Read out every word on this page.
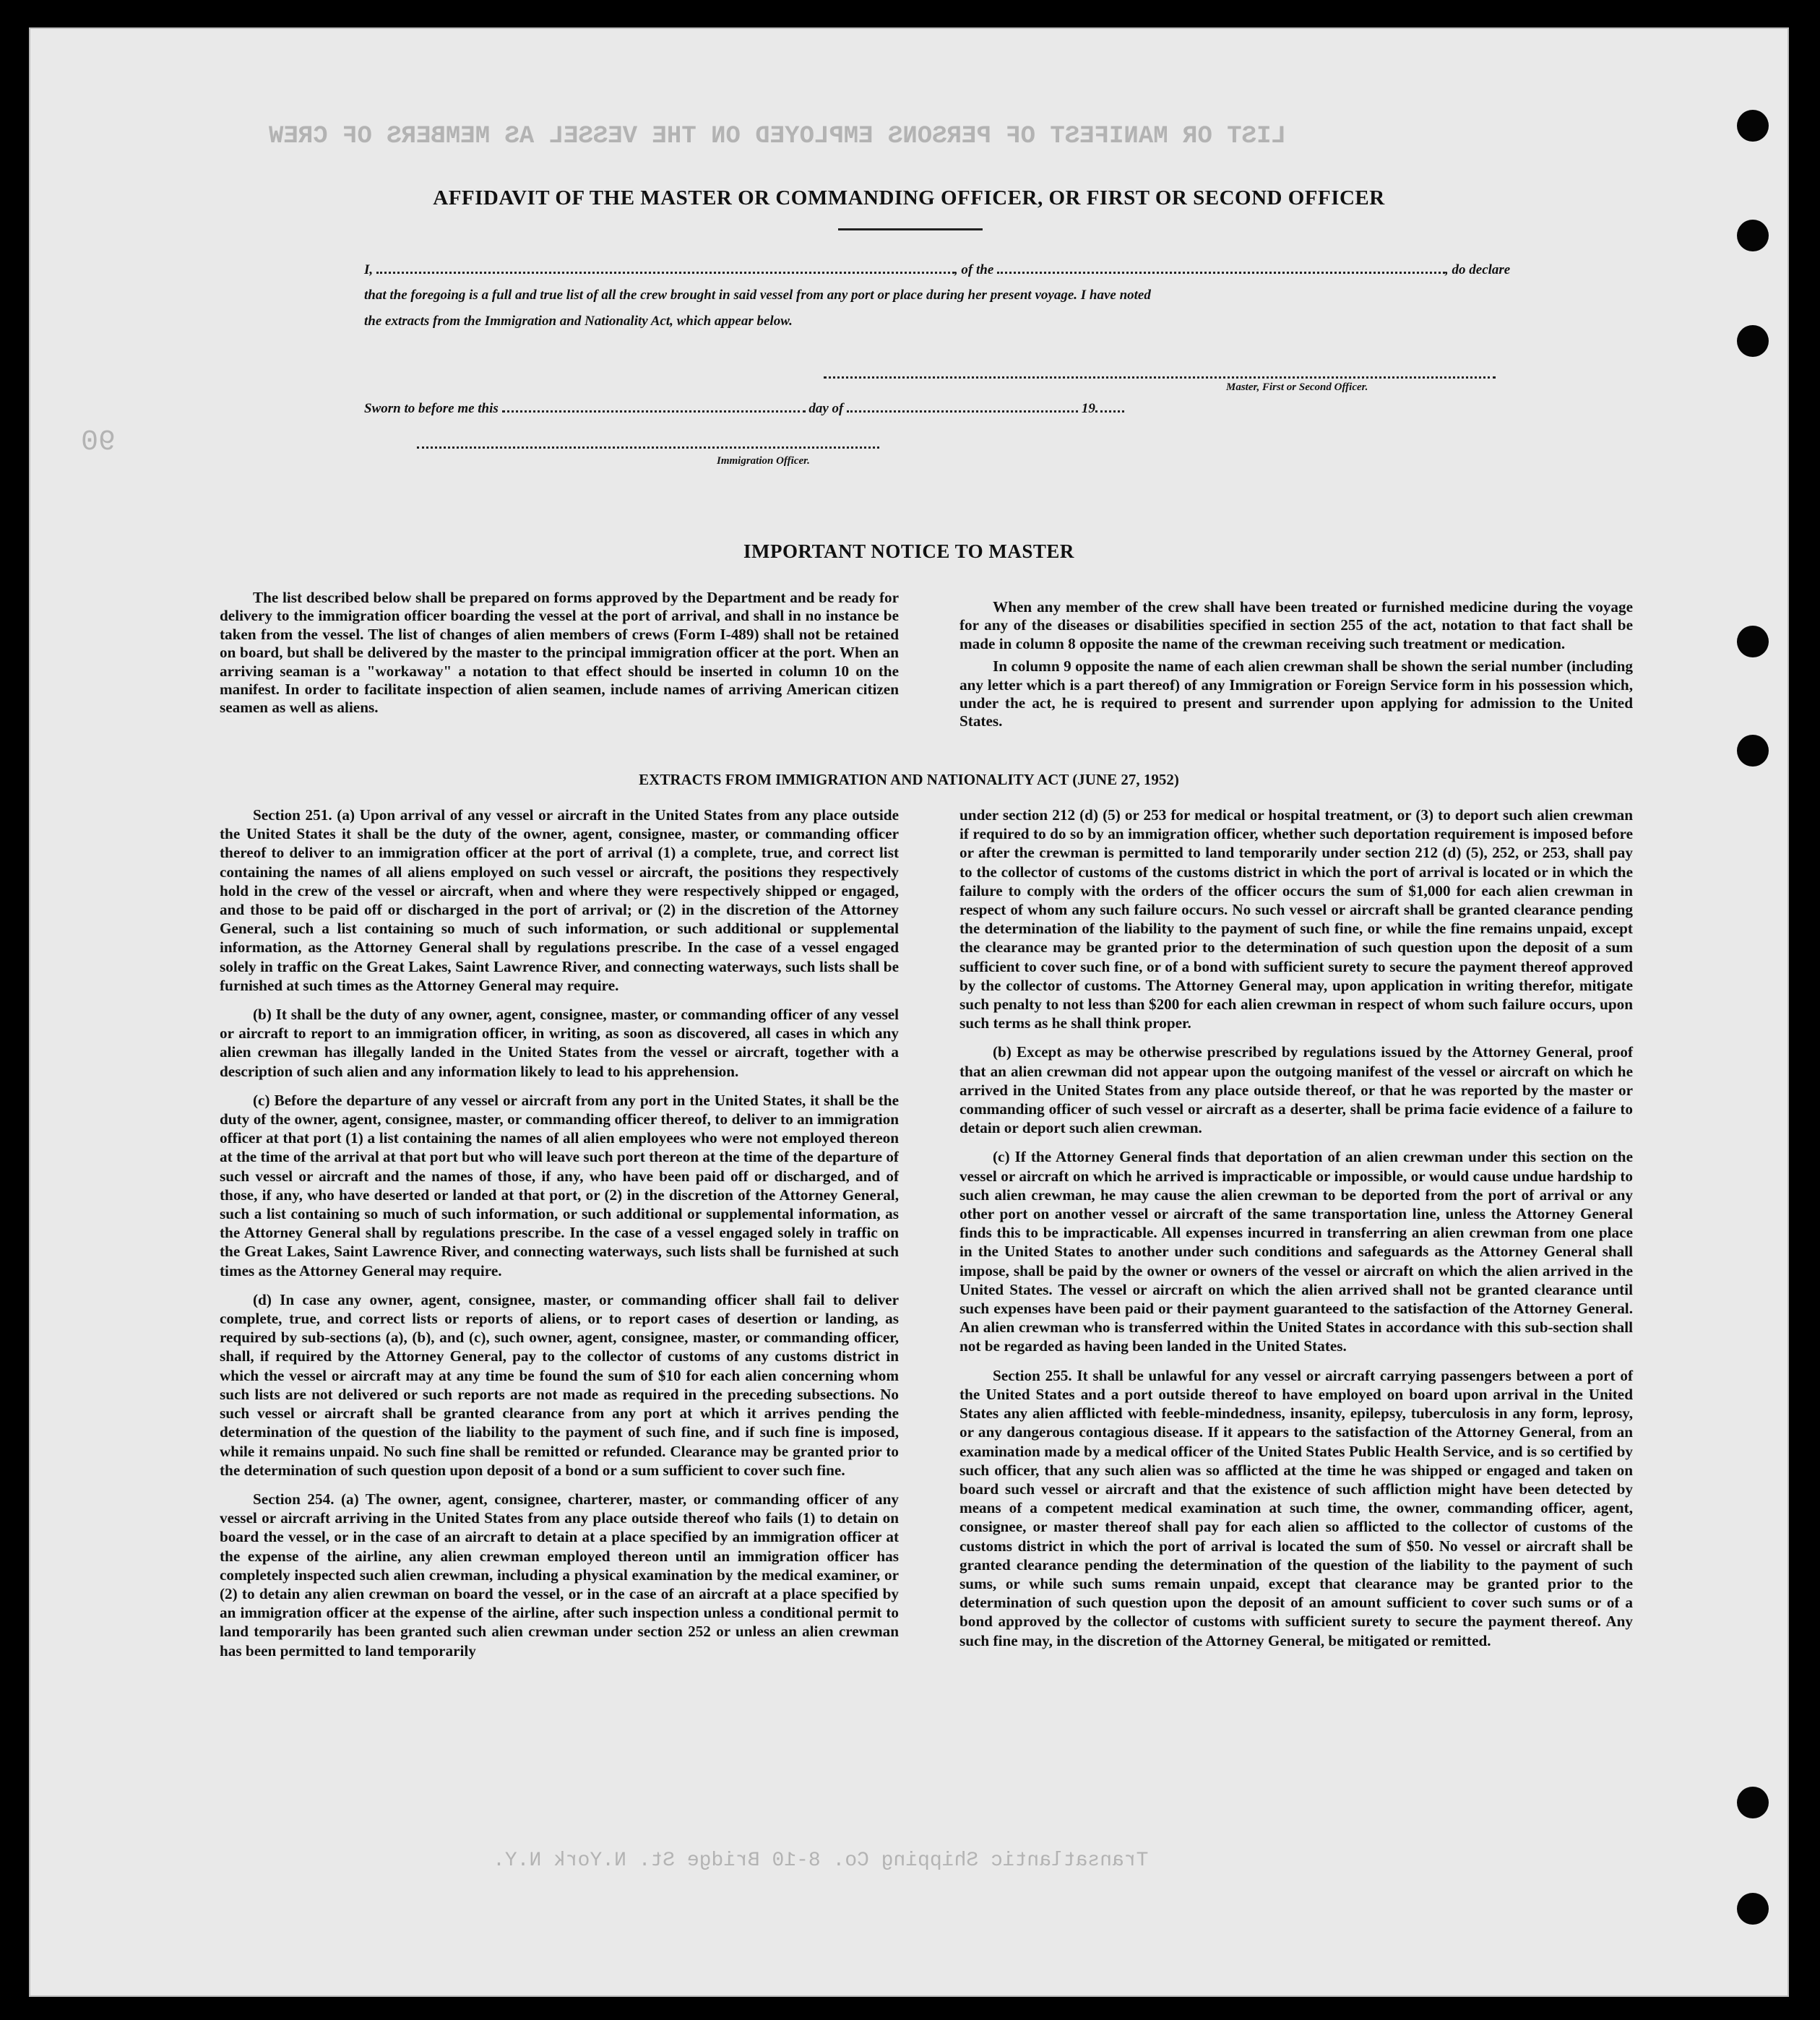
LIST OR MANIFEST OF PERSONS EMPLOYED ON THE VESSEL AS MEMBERS OF CREW
90
Transatlantic Shipping Co. 8-10 Bridge St. N.York N.Y.
AFFIDAVIT OF THE MASTER OR COMMANDING OFFICER, OR FIRST OR SECOND OFFICER
I,	, of the	, do declare
that the foregoing is a full and true list of all the crew brought in said vessel from any port or place during her present voyage. I have noted
the extracts from the Immigration and Nationality Act, which appear below.
Master, First or Second Officer.
Sworn to before me this	day of	19
Immigration Officer.
IMPORTANT NOTICE TO MASTER

The list described below shall be prepared on forms approved by the Department and be ready for delivery to the immigration officer boarding the vessel at the port of arrival, and shall in no instance be taken from the vessel. The list of changes of alien members of crews (Form I-489) shall not be retained on board, but shall be delivered by the master to the principal immigration officer at the port. When an arriving seaman is a "workaway" a notation to that effect should be inserted in column 10 on the manifest. In order to facilitate inspection of alien seamen, include names of arriving American citizen seamen as well as aliens.

When any member of the crew shall have been treated or furnished medicine during the voyage for any of the diseases or disabilities specified in section 255 of the act, notation to that fact shall be made in column 8 opposite the name of the crewman receiving such treatment or medication.

In column 9 opposite the name of each alien crewman shall be shown the serial number (including any letter which is a part thereof) of any Immigration or Foreign Service form in his possession which, under the act, he is required to present and surrender upon applying for admission to the United States.

EXTRACTS FROM IMMIGRATION AND NATIONALITY ACT (JUNE 27, 1952)

Section 251. (a) Upon arrival of any vessel or aircraft in the United States from any place outside the United States it shall be the duty of the owner, agent, consignee, master, or commanding officer thereof to deliver to an immigration officer at the port of arrival (1) a complete, true, and correct list containing the names of all aliens employed on such vessel or aircraft, the positions they respectively hold in the crew of the vessel or aircraft, when and where they were respectively shipped or engaged, and those to be paid off or discharged in the port of arrival; or (2) in the discretion of the Attorney General, such a list containing so much of such information, or such additional or supplemental information, as the Attorney General shall by regulations prescribe. In the case of a vessel engaged solely in traffic on the Great Lakes, Saint Lawrence River, and connecting waterways, such lists shall be furnished at such times as the Attorney General may require.

(b) It shall be the duty of any owner, agent, consignee, master, or commanding officer of any vessel or aircraft to report to an immigration officer, in writing, as soon as discovered, all cases in which any alien crewman has illegally landed in the United States from the vessel or aircraft, together with a description of such alien and any information likely to lead to his apprehension.

(c) Before the departure of any vessel or aircraft from any port in the United States, it shall be the duty of the owner, agent, consignee, master, or commanding officer thereof, to deliver to an immigration officer at that port (1) a list containing the names of all alien employees who were not employed thereon at the time of the arrival at that port but who will leave such port thereon at the time of the departure of such vessel or aircraft and the names of those, if any, who have been paid off or discharged, and of those, if any, who have deserted or landed at that port, or (2) in the discretion of the Attorney General, such a list containing so much of such information, or such additional or supplemental information, as the Attorney General shall by regulations prescribe. In the case of a vessel engaged solely in traffic on the Great Lakes, Saint Lawrence River, and connecting waterways, such lists shall be furnished at such times as the Attorney General may require.

(d) In case any owner, agent, consignee, master, or commanding officer shall fail to deliver complete, true, and correct lists or reports of aliens, or to report cases of desertion or landing, as required by sub-sections (a), (b), and (c), such owner, agent, consignee, master, or commanding officer, shall, if required by the Attorney General, pay to the collector of customs of any customs district in which the vessel or aircraft may at any time be found the sum of $10 for each alien concerning whom such lists are not delivered or such reports are not made as required in the preceding subsections. No such vessel or aircraft shall be granted clearance from any port at which it arrives pending the determination of the question of the liability to the payment of such fine, and if such fine is imposed, while it remains unpaid. No such fine shall be remitted or refunded. Clearance may be granted prior to the determination of such question upon deposit of a bond or a sum sufficient to cover such fine.

Section 254. (a) The owner, agent, consignee, charterer, master, or commanding officer of any vessel or aircraft arriving in the United States from any place outside thereof who fails (1) to detain on board the vessel, or in the case of an aircraft to detain at a place specified by an immigration officer at the expense of the airline, any alien crewman employed thereon until an immigration officer has completely inspected such alien crewman, including a physical examination by the medical examiner, or (2) to detain any alien crewman on board the vessel, or in the case of an aircraft at a place specified by an immigration officer at the expense of the airline, after such inspection unless a conditional permit to land temporarily has been granted such alien crewman under section 252 or unless an alien crewman has been permitted to land temporarily

under section 212 (d) (5) or 253 for medical or hospital treatment, or (3) to deport such alien crewman if required to do so by an immigration officer, whether such deportation requirement is imposed before or after the crewman is permitted to land temporarily under section 212 (d) (5), 252, or 253, shall pay to the collector of customs of the customs district in which the port of arrival is located or in which the failure to comply with the orders of the officer occurs the sum of $1,000 for each alien crewman in respect of whom any such failure occurs. No such vessel or aircraft shall be granted clearance pending the determination of the liability to the payment of such fine, or while the fine remains unpaid, except the clearance may be granted prior to the determination of such question upon the deposit of a sum sufficient to cover such fine, or of a bond with sufficient surety to secure the payment thereof approved by the collector of customs. The Attorney General may, upon application in writing therefor, mitigate such penalty to not less than $200 for each alien crewman in respect of whom such failure occurs, upon such terms as he shall think proper.

(b) Except as may be otherwise prescribed by regulations issued by the Attorney General, proof that an alien crewman did not appear upon the outgoing manifest of the vessel or aircraft on which he arrived in the United States from any place outside thereof, or that he was reported by the master or commanding officer of such vessel or aircraft as a deserter, shall be prima facie evidence of a failure to detain or deport such alien crewman.

(c) If the Attorney General finds that deportation of an alien crewman under this section on the vessel or aircraft on which he arrived is impracticable or impossible, or would cause undue hardship to such alien crewman, he may cause the alien crewman to be deported from the port of arrival or any other port on another vessel or aircraft of the same transportation line, unless the Attorney General finds this to be impracticable. All expenses incurred in transferring an alien crewman from one place in the United States to another under such conditions and safeguards as the Attorney General shall impose, shall be paid by the owner or owners of the vessel or aircraft on which the alien arrived in the United States. The vessel or aircraft on which the alien arrived shall not be granted clearance until such expenses have been paid or their payment guaranteed to the satisfaction of the Attorney General. An alien crewman who is transferred within the United States in accordance with this sub-section shall not be regarded as having been landed in the United States.

Section 255. It shall be unlawful for any vessel or aircraft carrying passengers between a port of the United States and a port outside thereof to have employed on board upon arrival in the United States any alien afflicted with feeble-mindedness, insanity, epilepsy, tuberculosis in any form, leprosy, or any dangerous contagious disease. If it appears to the satisfaction of the Attorney General, from an examination made by a medical officer of the United States Public Health Service, and is so certified by such officer, that any such alien was so afflicted at the time he was shipped or engaged and taken on board such vessel or aircraft and that the existence of such affliction might have been detected by means of a competent medical examination at such time, the owner, commanding officer, agent, consignee, or master thereof shall pay for each alien so afflicted to the collector of customs of the customs district in which the port of arrival is located the sum of $50. No vessel or aircraft shall be granted clearance pending the determination of the question of the liability to the payment of such sums, or while such sums remain unpaid, except that clearance may be granted prior to the determination of such question upon the deposit of an amount sufficient to cover such sums or of a bond approved by the collector of customs with sufficient surety to secure the payment thereof. Any such fine may, in the discretion of the Attorney General, be mitigated or remitted.
